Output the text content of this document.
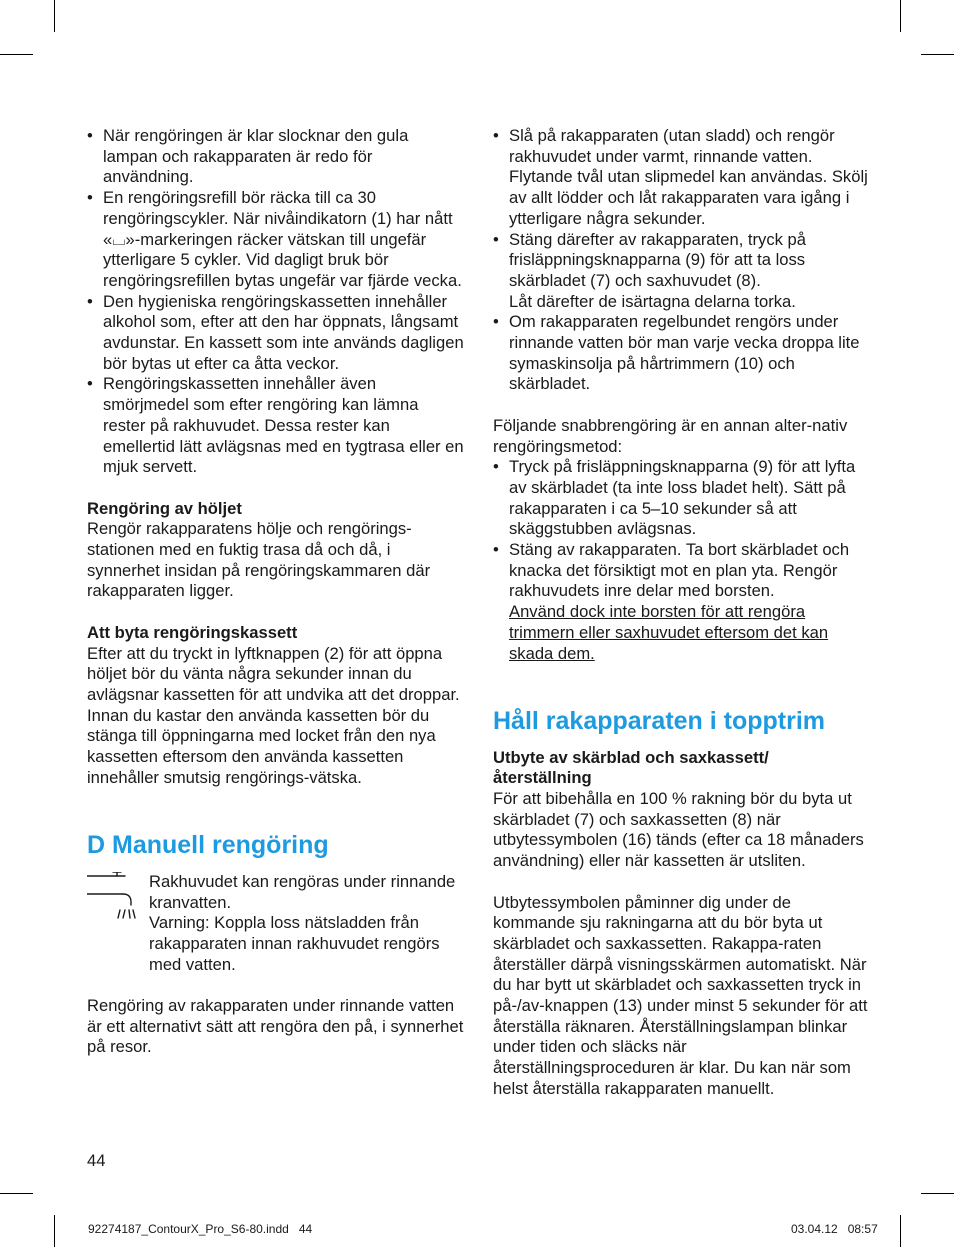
• När rengöringen är klar slocknar den gula lampan och rakapparaten är redo för användning.
• En rengöringsrefill bör räcka till ca 30 rengöringscykler. När nivåindikatorn (1) har nått «⌴»-markeringen räcker vätskan till ungefär ytterligare 5 cykler. Vid dagligt bruk bör rengöringsrefillen bytas ungefär var fjärde vecka.
• Den hygieniska rengöringskassetten innehåller alkohol som, efter att den har öppnats, långsamt avdunstar. En kassett som inte används dagligen bör bytas ut efter ca åtta veckor.
• Rengöringskassetten innehåller även smörjmedel som efter rengöring kan lämna rester på rakhuvudet. Dessa rester kan emellertid lätt avlägsnas med en tygtrasa eller en mjuk servett.

Rengöring av höljet

Rengör rakapparatens hölje och rengörings-stationen med en fuktig trasa då och då, i synnerhet insidan på rengöringskammaren där rakapparaten ligger.

Att byta rengöringskassett

Efter att du tryckt in lyftknappen (2) för att öppna höljet bör du vänta några sekunder innan du avlägsnar kassetten för att undvika att det droppar.

Innan du kastar den använda kassetten bör du stänga till öppningarna med locket från den nya kassetten eftersom den använda kassetten innehåller smutsig rengörings-vätska.

D Manuell rengöring

Rakhuvudet kan rengöras under rinnande kranvatten.

Varning: Koppla loss nätsladden från rakapparaten innan rakhuvudet rengörs med vatten.

Rengöring av rakapparaten under rinnande vatten är ett alternativt sätt att rengöra den på, i synnerhet på resor.

• Slå på rakapparaten (utan sladd) och rengör rakhuvudet under varmt, rinnande vatten. Flytande tvål utan slipmedel kan användas. Skölj av allt lödder och låt rakapparaten vara igång i ytterligare några sekunder.

• Stäng därefter av rakapparaten, tryck på frisläppningsknapparna (9) för att ta loss skärbladet (7) och saxhuvudet (8).

Låt därefter de isärtagna delarna torka.

• Om rakapparaten regelbundet rengörs under rinnande vatten bör man varje vecka droppa lite symaskinsolja på hårtrimmern (10) och skärbladet.

Följande snabbrengöring är en annan alter-nativ rengöringsmetod:

• Tryck på frisläppningsknapparna (9) för att lyfta av skärbladet (ta inte loss bladet helt). Sätt på rakapparaten i ca 5–10 sekunder så att skäggstubben avlägsnas.

• Stäng av rakapparaten. Ta bort skärbladet och knacka det försiktigt mot en plan yta. Rengör rakhuvudets inre delar med borsten.

Använd dock inte borsten för att rengöra trimmern eller saxhuvudet eftersom det kan skada dem.

Håll rakapparaten i topptrim

Utbyte av skärblad och saxkassett/ återställning

För att bibehålla en 100 % rakning bör du byta ut skärbladet (7) och saxkassetten (8) när utbytessymbolen (16) tänds (efter ca 18 månaders användning) eller när kassetten är utsliten.

Utbytessymbolen påminner dig under de kommande sju rakningarna att du bör byta ut skärbladet och saxkassetten. Rakappa-raten återställer därpå visningsskärmen automatiskt. När du har bytt ut skärbladet och saxkassetten tryck in på-/av-knappen (13) under minst 5 sekunder för att återställa räknaren. Återställningslampan blinkar under tiden och släcks när återställningsproceduren är klar. Du kan när som helst återställa rakapparaten manuellt.

44
92274187_ContourX_Pro_S6-80.indd   44	03.04.12   08:57
